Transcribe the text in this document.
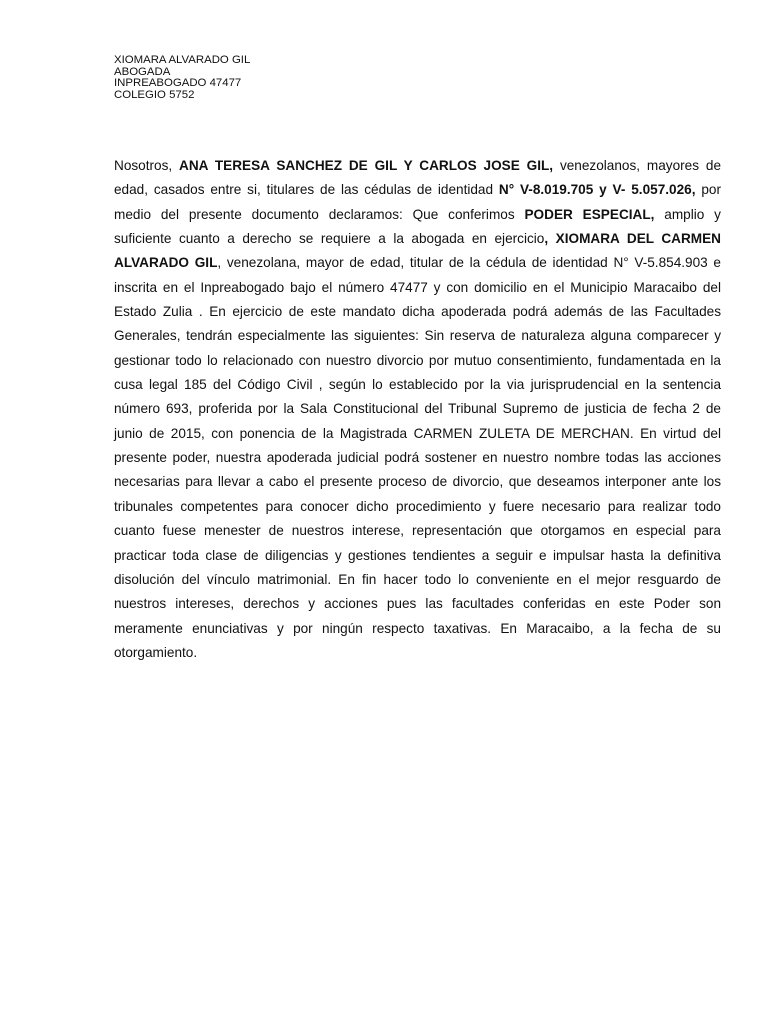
XIOMARA ALVARADO GIL
ABOGADA
INPREABOGADO 47477
COLEGIO 5752

Nosotros, ANA TERESA SANCHEZ DE GIL Y CARLOS JOSE GIL, venezolanos, mayores de edad, casados entre si, titulares de las cédulas de identidad N° V-8.019.705 y V- 5.057.026, por medio del presente documento declaramos: Que conferimos PODER ESPECIAL, amplio y suficiente cuanto a derecho se requiere a la abogada en ejercicio, XIOMARA DEL CARMEN ALVARADO GIL, venezolana, mayor de edad, titular de la cédula de identidad N° V-5.854.903 e inscrita en el Inpreabogado bajo el número 47477 y con domicilio en el Municipio Maracaibo del Estado Zulia . En ejercicio de este mandato dicha apoderada podrá además de las Facultades Generales, tendrán especialmente las siguientes: Sin reserva de naturaleza alguna comparecer y gestionar todo lo relacionado con nuestro divorcio por mutuo consentimiento, fundamentada en la cusa legal 185 del Código Civil , según lo establecido por la via jurisprudencial en la sentencia número 693, proferida por la Sala Constitucional del Tribunal Supremo de justicia de fecha 2 de junio de 2015, con ponencia de la Magistrada CARMEN ZULETA DE MERCHAN. En virtud del presente poder, nuestra apoderada judicial podrá sostener en nuestro nombre todas las acciones necesarias para llevar a cabo el presente proceso de divorcio, que deseamos interponer ante los tribunales competentes para conocer dicho procedimiento y fuere necesario para realizar todo cuanto fuese menester de nuestros interese, representación que otorgamos en especial para practicar toda clase de diligencias y gestiones tendientes a seguir e impulsar hasta la definitiva disolución del vínculo matrimonial. En fin hacer todo lo conveniente en el mejor resguardo de nuestros intereses, derechos y acciones pues las facultades conferidas en este Poder son meramente enunciativas y por ningún respecto taxativas. En Maracaibo, a la fecha de su otorgamiento.
